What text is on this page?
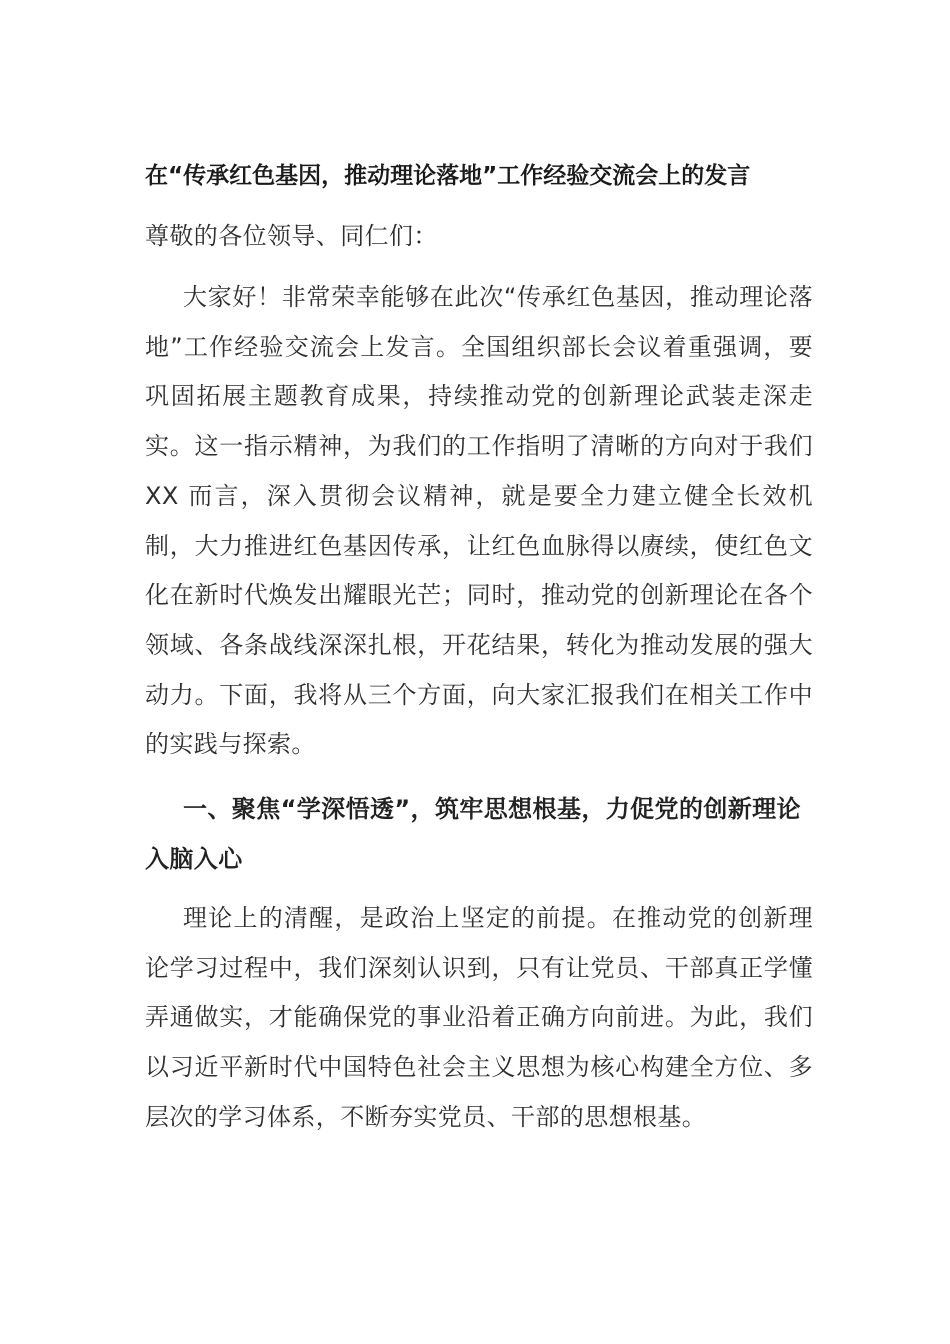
在“传承红色基因，推动理论落地”工作经验交流会上的发言

尊敬的各位领导、同仁们：

大家好！非常荣幸能够在此次“传承红色基因，推动理论落地”工作经验交流会上发言。全国组织部长会议着重强调，要巩固拓展主题教育成果，持续推动党的创新理论武装走深走实。这一指示精神，为我们的工作指明了清晰的方向对于我们 XX 而言，深入贯彻会议精神，就是要全力建立健全长效机制，大力推进红色基因传承，让红色血脉得以赓续，使红色文化在新时代焕发出耀眼光芒；同时，推动党的创新理论在各个领域、各条战线深深扎根，开花结果，转化为推动发展的强大动力。下面，我将从三个方面，向大家汇报我们在相关工作中的实践与探索。

一、聚焦“学深悟透”，筑牢思想根基，力促党的创新理论入脑入心

理论上的清醒，是政治上坚定的前提。在推动党的创新理论学习过程中，我们深刻认识到，只有让党员、干部真正学懂弄通做实，才能确保党的事业沿着正确方向前进。为此，我们以习近平新时代中国特色社会主义思想为核心构建全方位、多层次的学习体系，不断夯实党员、干部的思想根基。
